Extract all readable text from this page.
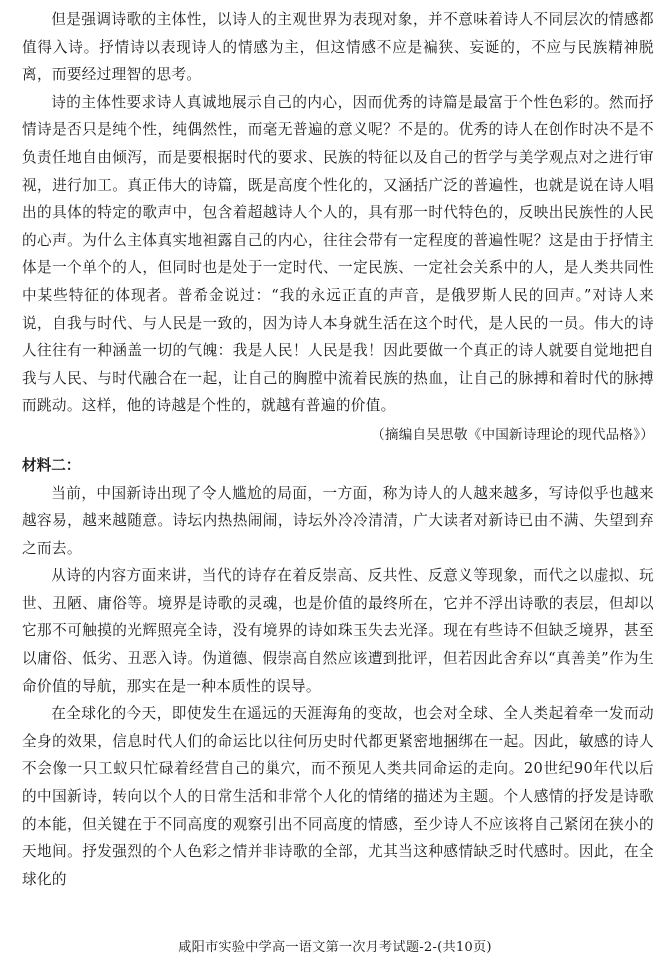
但是强调诗歌的主体性，以诗人的主观世界为表现对象，并不意味着诗人不同层次的情感都值得入诗。抒情诗以表现诗人的情感为主，但这情感不应是褊狭、妄诞的，不应与民族精神脱离，而要经过理智的思考。

诗的主体性要求诗人真诚地展示自己的内心，因而优秀的诗篇是最富于个性色彩的。然而抒情诗是否只是纯个性，纯偶然性，而毫无普遍的意义呢？不是的。优秀的诗人在创作时决不是不负责任地自由倾泻，而是要根据时代的要求、民族的特征以及自己的哲学与美学观点对之进行审视，进行加工。真正伟大的诗篇，既是高度个性化的，又涵括广泛的普遍性，也就是说在诗人唱出的具体的特定的歌声中，包含着超越诗人个人的，具有那一时代特色的，反映出民族性的人民的心声。为什么主体真实地袒露自己的内心，往往会带有一定程度的普遍性呢？这是由于抒情主体是一个单个的人，但同时也是处于一定时代、一定民族、一定社会关系中的人，是人类共同性中某些特征的体现者。普希金说过：“我的永远正直的声音，是俄罗斯人民的回声。”对诗人来说，自我与时代、与人民是一致的，因为诗人本身就生活在这个时代，是人民的一员。伟大的诗人往往有一种涵盖一切的气魄：我是人民！人民是我！因此要做一个真正的诗人就要自觉地把自我与人民、与时代融合在一起，让自己的胸膛中流着民族的热血，让自己的脉搏和着时代的脉搏而跳动。这样，他的诗越是个性的，就越有普遍的价值。

（摘编自吴思敬《中国新诗理论的现代品格》）

材料二：

当前，中国新诗出现了令人尴尬的局面，一方面，称为诗人的人越来越多，写诗似乎也越来越容易，越来越随意。诗坛内热热闹闹，诗坛外冷冷清清，广大读者对新诗已由不满、失望到弃之而去。

从诗的内容方面来讲，当代的诗存在着反崇高、反共性、反意义等现象，而代之以虚拟、玩世、丑陋、庸俗等。境界是诗歌的灵魂，也是价值的最终所在，它并不浮出诗歌的表层，但却以它那不可触摸的光辉照亮全诗，没有境界的诗如珠玉失去光泽。现在有些诗不但缺乏境界，甚至以庸俗、低劣、丑恶入诗。伪道德、假崇高自然应该遭到批评，但若因此舍弃以“真善美”作为生命价值的导航，那实在是一种本质性的误导。

在全球化的今天，即使发生在遥远的天涯海角的变故，也会对全球、全人类起着牵一发而动全身的效果，信息时代人们的命运比以往何历史时代都更紧密地捆绑在一起。因此，敏感的诗人不会像一只工蚁只忙碌着经营自己的巢穴，而不预见人类共同命运的走向。20世纪90年代以后的中国新诗，转向以个人的日常生活和非常个人化的情绪的描述为主题。个人感情的抒发是诗歌的本能，但关键在于不同高度的观察引出不同高度的情感，至少诗人不应该将自己紧闭在狭小的天地间。抒发强烈的个人色彩之情并非诗歌的全部，尤其当这种感情缺乏时代感时。因此，在全球化的

咸阳市实验中学高一语文第一次月考试题-2-(共10页)
